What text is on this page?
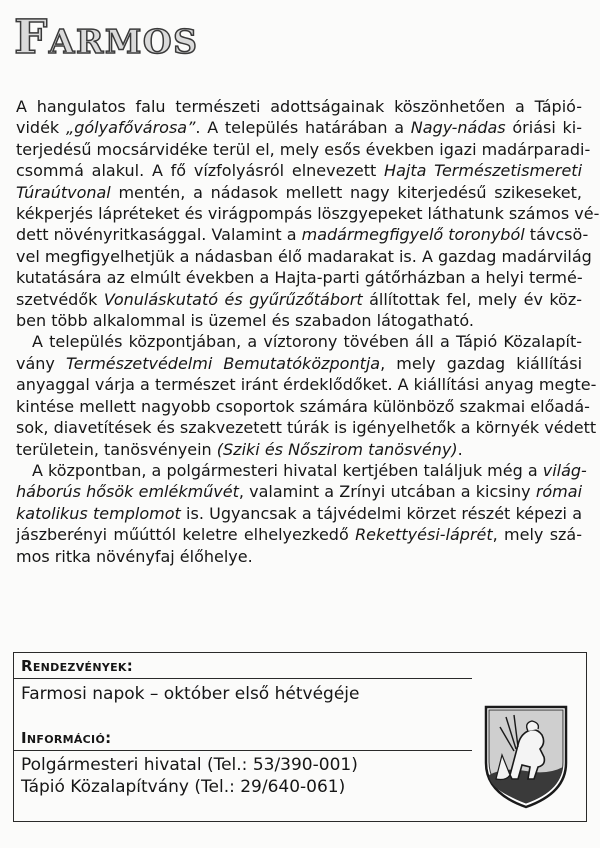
Farmos
A hangulatos falu természeti adottságainak köszönhetően a Tápió-
vidék „gólyafővárosa”. A település határában a Nagy-nádas óriási ki-
terjedésű mocsárvidéke terül el, mely esős években igazi madárparadi-
csommá alakul. A fő vízfolyásról elnevezett Hajta Természetismereti
Túraútvonal mentén, a nádasok mellett nagy kiterjedésű szikeseket,
kékperjés lápréteket és virágpompás löszgyepeket láthatunk számos vé-
dett növényritkasággal. Valamint a madármegfigyelő toronyból távcsö-
vel megfigyelhetjük a nádasban élő madarakat is. A gazdag madárvilág
kutatására az elmúlt években a Hajta-parti gátőrházban a helyi termé-
szetvédők Vonuláskutató és gyűrűzőtábort állítottak fel, mely év köz-
ben több alkalommal is üzemel és szabadon látogatható.
A település központjában, a víztorony tövében áll a Tápió Közalapít-
vány Természetvédelmi Bemutatóközpontja, mely gazdag kiállítási
anyaggal várja a természet iránt érdeklődőket. A kiállítási anyag megte-
kintése mellett nagyobb csoportok számára különböző szakmai előadá-
sok, diavetítések és szakvezetett túrák is igényelhetők a környék védett
területein, tanösvényein (Sziki és Nőszirom tanösvény).
A központban, a polgármesteri hivatal kertjében találjuk még a világ-
háborús hősök emlékművét, valamint a Zrínyi utcában a kicsiny római
katolikus templomot is. Ugyancsak a tájvédelmi körzet részét képezi a
jászberényi műúttól keletre elhelyezkedő Rekettyési-láprét, mely szá-
mos ritka növényfaj élőhelye.
Rendezvények:
Farmosi napok – október első hétvégéje
Információ:
Polgármesteri hivatal (Tel.: 53/390-001)
Tápió Közalapítvány (Tel.: 29/640-061)
